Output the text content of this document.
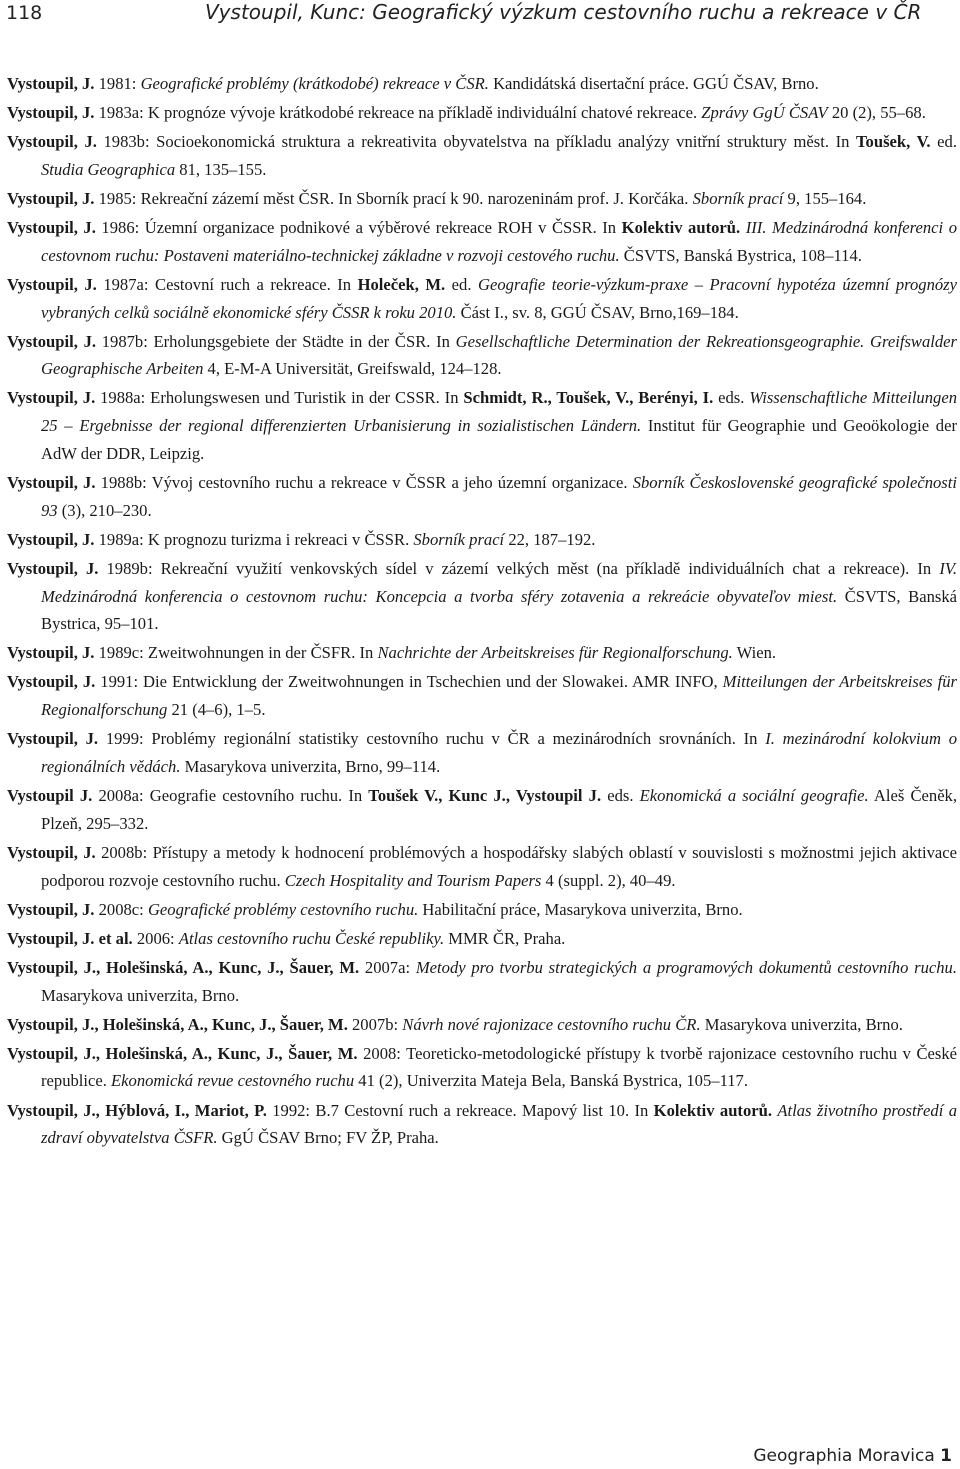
118	Vystoupil, Kunc: Geografický výzkum cestovního ruchu a rekreace v ČR
Vystoupil, J. 1981: Geografické problémy (krátkodobé) rekreace v ČSR. Kandidátská disertační práce. GGÚ ČSAV, Brno.
Vystoupil, J. 1983a: K prognóze vývoje krátkodobé rekreace na příkladě individuální chatové rekreace. Zprávy GgÚ ČSAV 20 (2), 55–68.
Vystoupil, J. 1983b: Socioekonomická struktura a rekreativita obyvatelstva na příkladu analýzy vnitřní struktury měst. In Toušek, V. ed. Studia Geographica 81, 135–155.
Vystoupil, J. 1985: Rekreační zázemí měst ČSR. In Sborník prací k 90. narozeninám prof. J. Korčáka. Sborník prací 9, 155–164.
Vystoupil, J. 1986: Územní organizace podnikové a výběrové rekreace ROH v ČSSR. In Kolektiv autorů. III. Medzinárodná konferenci o cestovnom ruchu: Postaveni materiálno-technickej základne v rozvoji cestového ruchu. ČSVTS, Banská Bystrica, 108–114.
Vystoupil, J. 1987a: Cestovní ruch a rekreace. In Holeček, M. ed. Geografie teorie-výzkum-praxe – Pracovní hypotéza územní prognózy vybraných celků sociálně ekonomické sféry ČSSR k roku 2010. Část I., sv. 8, GGÚ ČSAV, Brno,169–184.
Vystoupil, J. 1987b: Erholungsgebiete der Städte in der ČSR. In Gesellschaftliche Determination der Rekreationsgeographie. Greifswalder Geographische Arbeiten 4, E-M-A Universität, Greifswald, 124–128.
Vystoupil, J. 1988a: Erholungswesen und Turistik in der CSSR. In Schmidt, R., Toušek, V., Berényi, I. eds. Wissenschaftliche Mitteilungen 25 – Ergebnisse der regional differenzierten Urbanisierung in sozialistischen Ländern. Institut für Geographie und Geoökologie der AdW der DDR, Leipzig.
Vystoupil, J. 1988b: Vývoj cestovního ruchu a rekreace v ČSSR a jeho územní organizace. Sborník Československé geografické společnosti 93 (3), 210–230.
Vystoupil, J. 1989a: K prognozu turizma i rekreaci v ČSSR. Sborník prací 22, 187–192.
Vystoupil, J. 1989b: Rekreační využití venkovských sídel v zázemí velkých měst (na příkladě individuálních chat a rekreace). In IV. Medzinárodná konferencia o cestovnom ruchu: Koncepcia a tvorba sféry zotavenia a rekreácie obyvateľov miest. ČSVTS, Banská Bystrica, 95–101.
Vystoupil, J. 1989c: Zweitwohnungen in der ČSFR. In Nachrichte der Arbeitskreises für Regionalforschung. Wien.
Vystoupil, J. 1991: Die Entwicklung der Zweitwohnungen in Tschechien und der Slowakei. AMR INFO, Mitteilungen der Arbeitskreises für Regionalforschung 21 (4–6), 1–5.
Vystoupil, J. 1999: Problémy regionální statistiky cestovního ruchu v ČR a mezinárodních srovnáních. In I. mezinárodní kolokvium o regionálních vědách. Masarykova univerzita, Brno, 99–114.
Vystoupil J. 2008a: Geografie cestovního ruchu. In Toušek V., Kunc J., Vystoupil J. eds. Ekonomická a sociální geografie. Aleš Čeněk, Plzeň, 295–332.
Vystoupil, J. 2008b: Přístupy a metody k hodnocení problémových a hospodářsky slabých oblastí v souvislosti s možnostmi jejich aktivace podporou rozvoje cestovního ruchu. Czech Hospitality and Tourism Papers 4 (suppl. 2), 40–49.
Vystoupil, J. 2008c: Geografické problémy cestovního ruchu. Habilitační práce, Masarykova univerzita, Brno.
Vystoupil, J. et al. 2006: Atlas cestovního ruchu České republiky. MMR ČR, Praha.
Vystoupil, J., Holešinská, A., Kunc, J., Šauer, M. 2007a: Metody pro tvorbu strategických a programových dokumentů cestovního ruchu. Masarykova univerzita, Brno.
Vystoupil, J., Holešinská, A., Kunc, J., Šauer, M. 2007b: Návrh nové rajonizace cestovního ruchu ČR. Masarykova univerzita, Brno.
Vystoupil, J., Holešinská, A., Kunc, J., Šauer, M. 2008: Teoreticko-metodologické přístupy k tvorbě rajonizace cestovního ruchu v České republice. Ekonomická revue cestovného ruchu 41 (2), Univerzita Mateja Bela, Banská Bystrica, 105–117.
Vystoupil, J., Hýblová, I., Mariot, P. 1992: B.7 Cestovní ruch a rekreace. Mapový list 10. In Kolektiv autorů. Atlas životního prostředí a zdraví obyvatelstva ČSFR. GgÚ ČSAV Brno; FV ŽP, Praha.
Geographia Moravica 1
